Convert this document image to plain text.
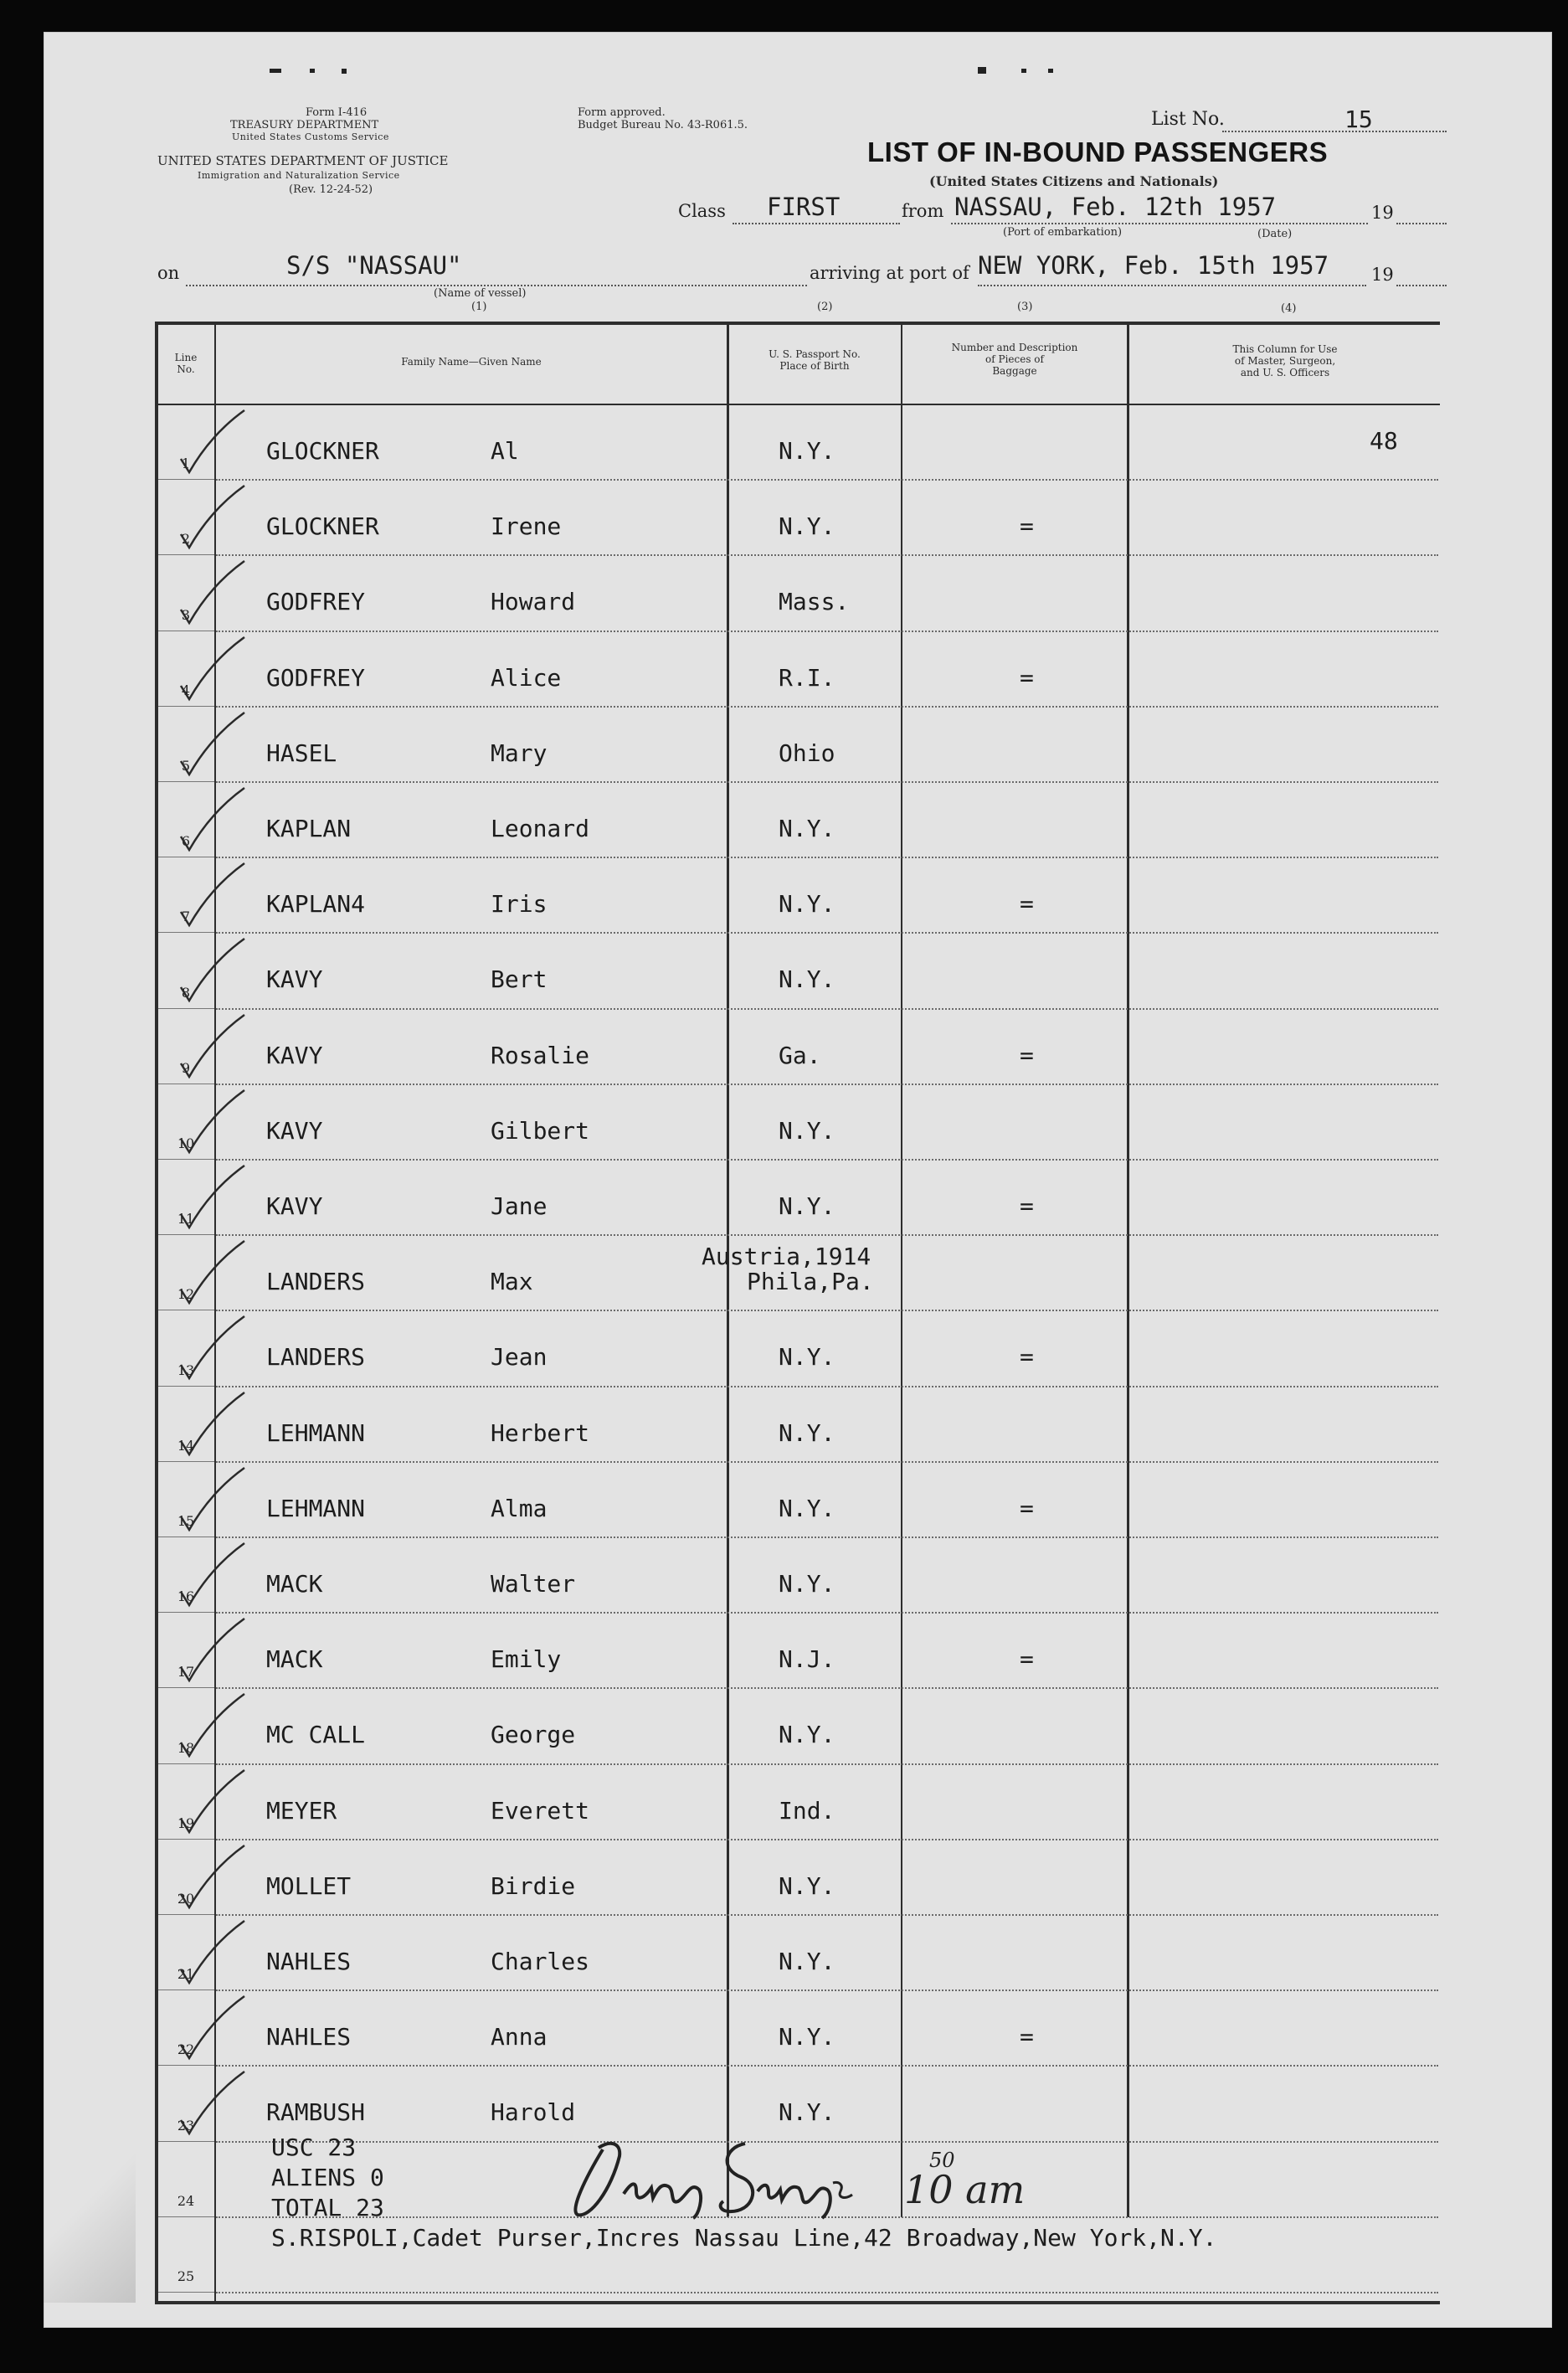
Form I-416
TREASURY DEPARTMENT
United States Customs Service
UNITED STATES DEPARTMENT OF JUSTICE
Immigration and Naturalization Service
(Rev. 12-24-52)
Form approved.
Budget Bureau No. 43-R061.5.	List No.	15
LIST OF IN-BOUND PASSENGERS
(United States Citizens and Nationals)
Class FIRST	from NASSAU, Feb. 12th 1957	19
(Port of embarkation)	(Date)
on	S/S "NASSAU"
(Name of vessel)
(1)
arriving at port of NEW YORK, Feb. 15th 1957 19
(2)	(3)	(4)
Line
No.
Family Name—Given Name
U. S. Passport No.
Place of Birth
Number and Description
of Pieces of
Baggage
This Column for Use
of Master, Surgeon,
and U. S. Officers
48
1	GLOCKNER	Al	N.Y.
2	GLOCKNER	Irene	N.Y.	=
3	GODFREY	Howard	Mass.
4	GODFREY	Alice	R.I.	=
5	HASEL	Mary	Ohio
6	KAPLAN	Leonard	N.Y.
7	KAPLAN4	Iris	N.Y.	=
8	KAVY	Bert	N.Y.
9	KAVY	Rosalie	Ga.	=
10	KAVY	Gilbert	N.Y.
11	KAVY	Jane	N.Y.	=
12	LANDERS	Max
Austria,1914
Phila,Pa.
13	LANDERS	Jean	N.Y.	=
14	LEHMANN	Herbert	N.Y.
15	LEHMANN	Alma	N.Y.	=
16	MACK	Walter	N.Y.
17	MACK	Emily	N.J.	=
18	MC CALL	George	N.Y.
19	MEYER	Everett	Ind.
20	MOLLET	Birdie	N.Y.
21	NAHLES	Charles	N.Y.
22	NAHLES	Anna	N.Y.	=
23	RAMBUSH	Harold	N.Y.
24
25
USC 23
ALIENS 0
TOTAL 23
S.RISPOLI,Cadet Purser,Incres Nassau Line,42 Broadway,New York,N.Y.
10 am
50
